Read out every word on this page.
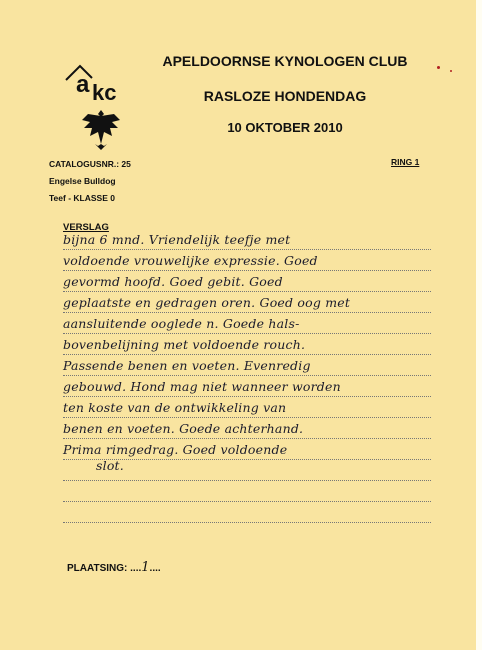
a kc
APELDOORNSE KYNOLOGEN CLUB
RASLOZE HONDENDAG
10 OKTOBER 2010
CATALOGUSNR.: 25
Engelse Bulldog
Teef - KLASSE 0
RING 1
VERSLAG
bijna 6 mnd. Vriendelijk teefje met
voldoende vrouwelijke expressie. Goed
gevormd hoofd. Goed gebit. Goed
geplaatste en gedragen oren. Goed oog met
aansluitende ooglede n. Goede hals-
bovenbelijning met voldoende rouch.
Passende benen en voeten. Evenredig
gebouwd. Hond mag niet wanneer worden
ten koste van de ontwikkeling van
benen en voeten. Goede achterhand.
Prima rimgedrag. Goed voldoende
slot.
PLAATSING: ....1....
